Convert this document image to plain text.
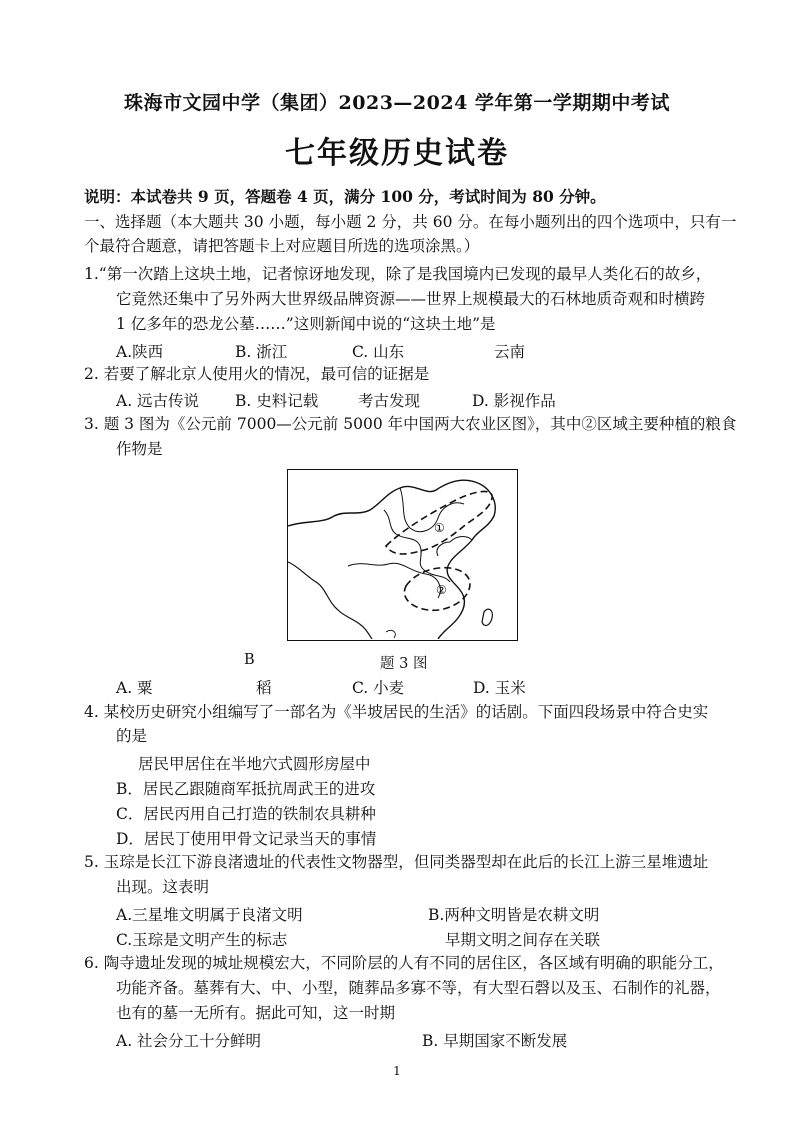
珠海市文园中学（集团）2023—2024 学年第一学期期中考试
七年级历史试卷
说明：本试卷共 9 页，答题卷 4 页，满分 100 分，考试时间为 80 分钟。
一、选择题（本大题共 30 小题，每小题 2 分，共 60 分。在每小题列出的四个选项中，只有一
个最符合题意，请把答题卡上对应题目所选的选项涂黑。）
1.“第一次踏上这块土地，记者惊讶地发现，除了是我国境内已发现的最早人类化石的故乡，
它竟然还集中了另外两大世界级品牌资源——世界上规模最大的石林地质奇观和时横跨
1 亿多年的恐龙公墓……”这则新闻中说的“这块土地”是
A.陕西	B. 浙江	C. 山东	云南
2. 若要了解北京人使用火的情况，最可信的证据是
A. 远古传说 B. 史料记载	考古发现	D. 影视作品
3. 题 3 图为《公元前 7000—公元前 5000 年中国两大农业区图》，其中②区域主要种植的粮食
作物是
①
②
B	题 3 图
A. 粟	稻	C. 小麦	D. 玉米
4. 某校历史研究小组编写了一部名为《半坡居民的生活》的话剧。下面四段场景中符合史实
的是
居民甲居住在半地穴式圆形房屋中
B．居民乙跟随商军抵抗周武王的进攻
C．居民丙用自己打造的铁制农具耕种
D．居民丁使用甲骨文记录当天的事情
5. 玉琮是长江下游良渚遗址的代表性文物器型，但同类器型却在此后的长江上游三星堆遗址
出现。这表明
A.三星堆文明属于良渚文明	B.两种文明皆是农耕文明
C.玉琮是文明产生的标志	早期文明之间存在关联
6. 陶寺遗址发现的城址规模宏大，不同阶层的人有不同的居住区，各区域有明确的职能分工，
功能齐备。墓葬有大、中、小型，随葬品多寡不等，有大型石磬以及玉、石制作的礼器，
也有的墓一无所有。据此可知，这一时期
A. 社会分工十分鲜明	B. 早期国家不断发展
1
